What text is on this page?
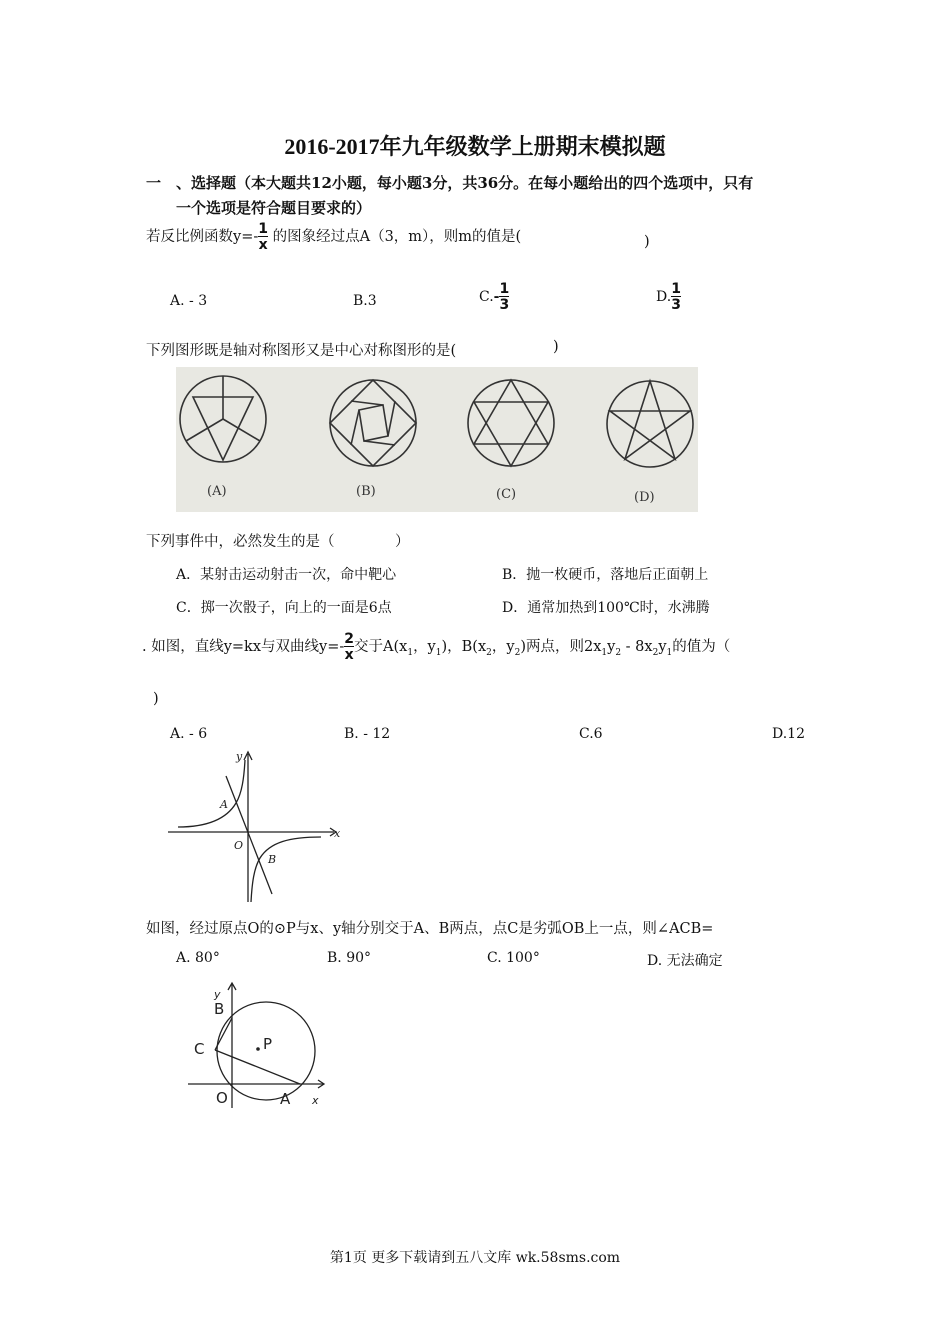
2016-2017年九年级数学上册期末模拟题
一 、选择题（本大题共12小题，每小题3分，共36分。在每小题给出的四个选项中，只有
一个选项是符合题目要求的）
若反比例函数$y=- \frac{1}{x}$ 的图象经过点A（3，m），则m的值是(	)
A. - 3	B.3	$C.- \frac{1}{3}$	D. $\frac{1}{3}$
下列图形既是轴对称图形又是中心对称图形的是(	)
(A)	(B)	(C)	(D)
下列事件中，必然发生的是（	）
A．某射击运动射击一次，命中靶心	B．抛一枚硬币，落地后正面朝上
C．掷一次骰子，向上的一面是6点	D．通常加热到100℃时，水沸腾
. 如图，直线y=kx与双曲线$y=- \frac{2}{x}$ 交于$A(x_1$，$y_1$)，$B(x_2$，$y_2$)两点，则$2x_1y_2 - 8x_2y_1$的值为（
)
A. - 6	B. - 12	C.6	D.12
y
x
A
O
B
如图，经过原点O的⊙P与x、y轴分别交于A、B两点，点C是劣弧OB上一点，则∠ACB=
A. 80°	B. 90°	C. 100°	D. 无法确定
y
B
C	P
O	A x
第1页 更多下载请到五八文库 wk.58sms.com
